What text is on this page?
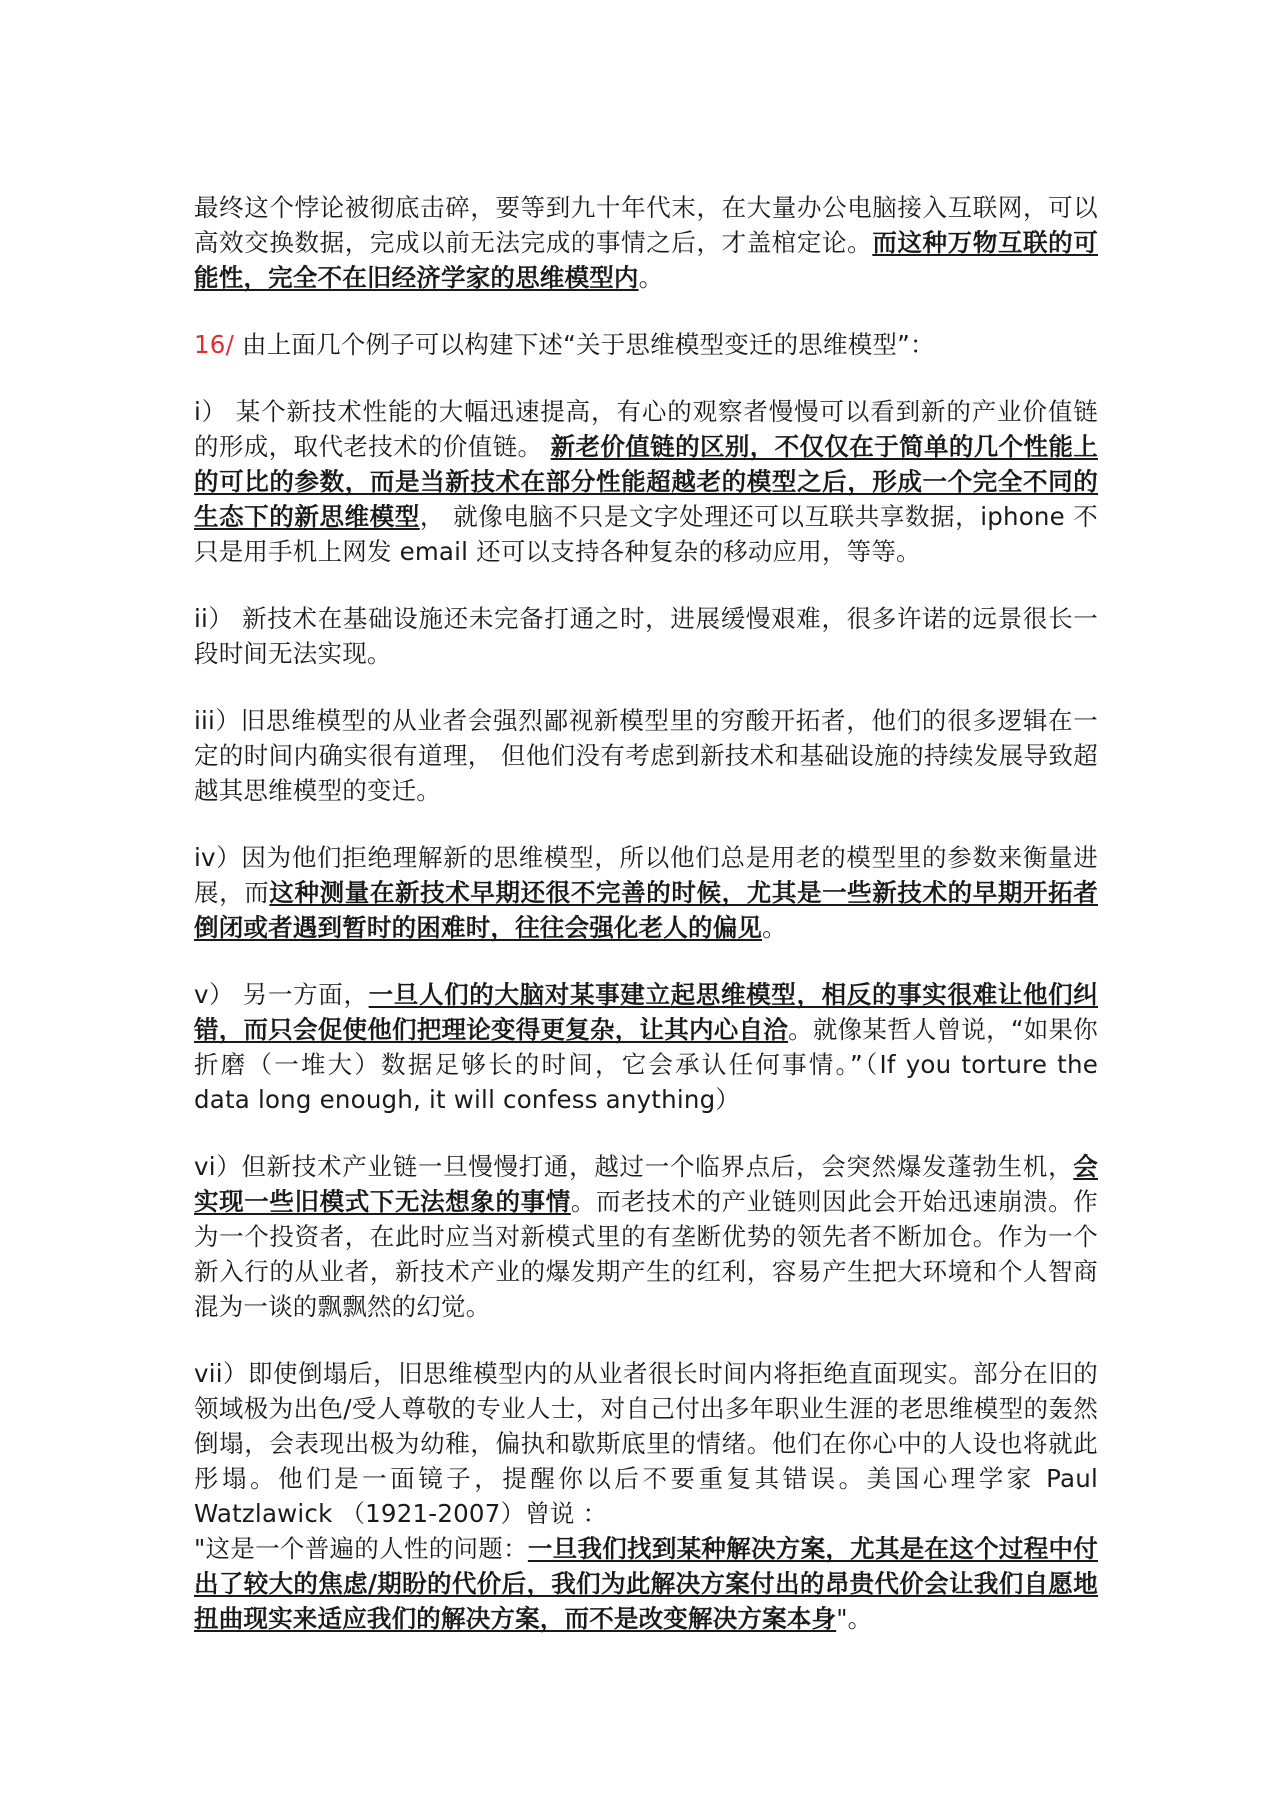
最终这个悖论被彻底击碎，要等到九十年代末，在大量办公电脑接入互联网，可以高效交换数据，完成以前无法完成的事情之后，才盖棺定论。而这种万物互联的可能性，完全不在旧经济学家的思维模型内。

16/ 由上面几个例子可以构建下述“关于思维模型变迁的思维模型”：

i） 某个新技术性能的大幅迅速提高，有心的观察者慢慢可以看到新的产业价值链的形成，取代老技术的价值链。 新老价值链的区别，不仅仅在于简单的几个性能上的可比的参数，而是当新技术在部分性能超越老的模型之后，形成一个完全不同的生态下的新思维模型， 就像电脑不只是文字处理还可以互联共享数据，iphone 不只是用手机上网发 email 还可以支持各种复杂的移动应用，等等。

ii） 新技术在基础设施还未完备打通之时，进展缓慢艰难，很多许诺的远景很长一段时间无法实现。

iii）旧思维模型的从业者会强烈鄙视新模型里的穷酸开拓者，他们的很多逻辑在一定的时间内确实很有道理， 但他们没有考虑到新技术和基础设施的持续发展导致超越其思维模型的变迁。

iv）因为他们拒绝理解新的思维模型，所以他们总是用老的模型里的参数来衡量进展，而这种测量在新技术早期还很不完善的时候，尤其是一些新技术的早期开拓者倒闭或者遇到暂时的困难时，往往会强化老人的偏见。

v） 另一方面，一旦人们的大脑对某事建立起思维模型，相反的事实很难让他们纠错，而只会促使他们把理论变得更复杂，让其内心自洽。就像某哲人曾说，“如果你折磨（一堆大）数据足够长的时间，它会承认任何事情。”（If you torture the data long enough, it will confess anything）

vi）但新技术产业链一旦慢慢打通，越过一个临界点后，会突然爆发蓬勃生机，会实现一些旧模式下无法想象的事情。而老技术的产业链则因此会开始迅速崩溃。作为一个投资者，在此时应当对新模式里的有垄断优势的领先者不断加仓。作为一个新入行的从业者，新技术产业的爆发期产生的红利，容易产生把大环境和个人智商混为一谈的飘飘然的幻觉。

vii）即使倒塌后，旧思维模型内的从业者很长时间内将拒绝直面现实。部分在旧的领域极为出色/受人尊敬的专业人士，对自己付出多年职业生涯的老思维模型的轰然倒塌，会表现出极为幼稚，偏执和歇斯底里的情绪。他们在你心中的人设也将就此彤塌。他们是一面镜子，提醒你以后不要重复其错误。美国心理学家 Paul Watzlawick （1921-2007）曾说 ：

"这是一个普遍的人性的问题：一旦我们找到某种解决方案，尤其是在这个过程中付出了较大的焦虑/期盼的代价后，我们为此解决方案付出的昂贵代价会让我们自愿地扭曲现实来适应我们的解决方案，而不是改变解决方案本身"。
